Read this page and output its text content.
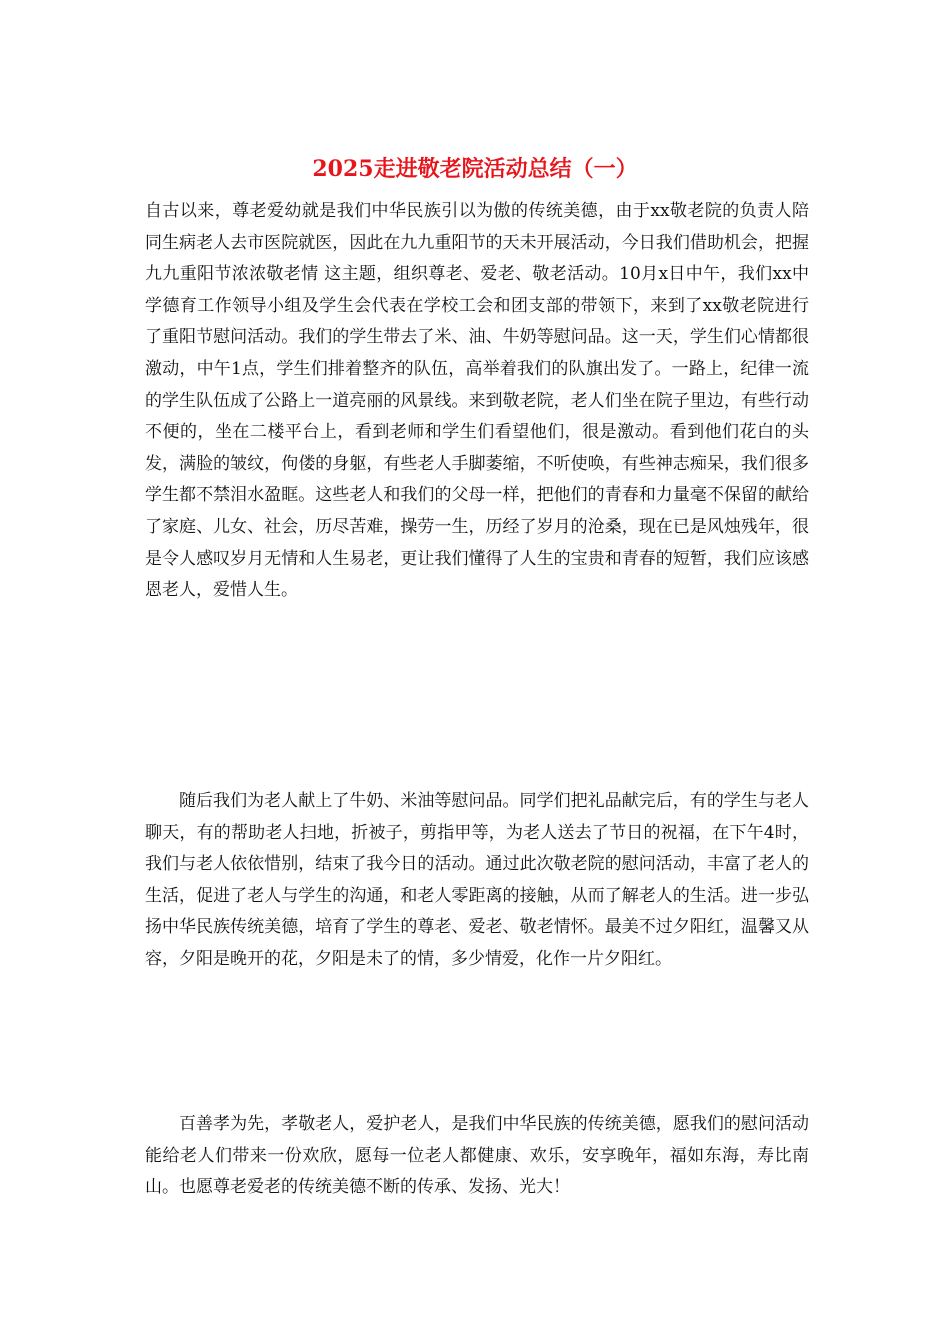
2025走进敬老院活动总结（一）

自古以来，尊老爱幼就是我们中华民族引以为傲的传统美德，由于xx敬老院的负责人陪同生病老人去市医院就医，因此在九九重阳节的天未开展活动，今日我们借助机会，把握 九九重阳节浓浓敬老情 这主题，组织尊老、爱老、敬老活动。10月x日中午，我们xx中学德育工作领导小组及学生会代表在学校工会和团支部的带领下，来到了xx敬老院进行了重阳节慰问活动。我们的学生带去了米、油、牛奶等慰问品。这一天，学生们心情都很激动，中午1点，学生们排着整齐的队伍，高举着我们的队旗出发了。一路上，纪律一流的学生队伍成了公路上一道亮丽的风景线。来到敬老院，老人们坐在院子里边，有些行动不便的，坐在二楼平台上，看到老师和学生们看望他们，很是激动。看到他们花白的头发，满脸的皱纹，佝偻的身躯，有些老人手脚萎缩，不听使唤，有些神志痴呆，我们很多学生都不禁泪水盈眶。这些老人和我们的父母一样，把他们的青春和力量毫不保留的献给了家庭、儿女、社会，历尽苦难，操劳一生，历经了岁月的沧桑，现在已是风烛残年，很是令人感叹岁月无情和人生易老，更让我们懂得了人生的宝贵和青春的短暂，我们应该感恩老人，爱惜人生。

随后我们为老人献上了牛奶、米油等慰问品。同学们把礼品献完后，有的学生与老人聊天，有的帮助老人扫地，折被子，剪指甲等，为老人送去了节日的祝福，在下午4时，我们与老人依依惜别，结束了我今日的活动。通过此次敬老院的慰问活动，丰富了老人的生活，促进了老人与学生的沟通，和老人零距离的接触，从而了解老人的生活。进一步弘扬中华民族传统美德，培育了学生的尊老、爱老、敬老情怀。最美不过夕阳红，温馨又从容，夕阳是晚开的花，夕阳是未了的情，多少情爱，化作一片夕阳红。

百善孝为先，孝敬老人，爱护老人，是我们中华民族的传统美德，愿我们的慰问活动能给老人们带来一份欢欣，愿每一位老人都健康、欢乐，安享晚年，福如东海，寿比南山。也愿尊老爱老的传统美德不断的传承、发扬、光大！
